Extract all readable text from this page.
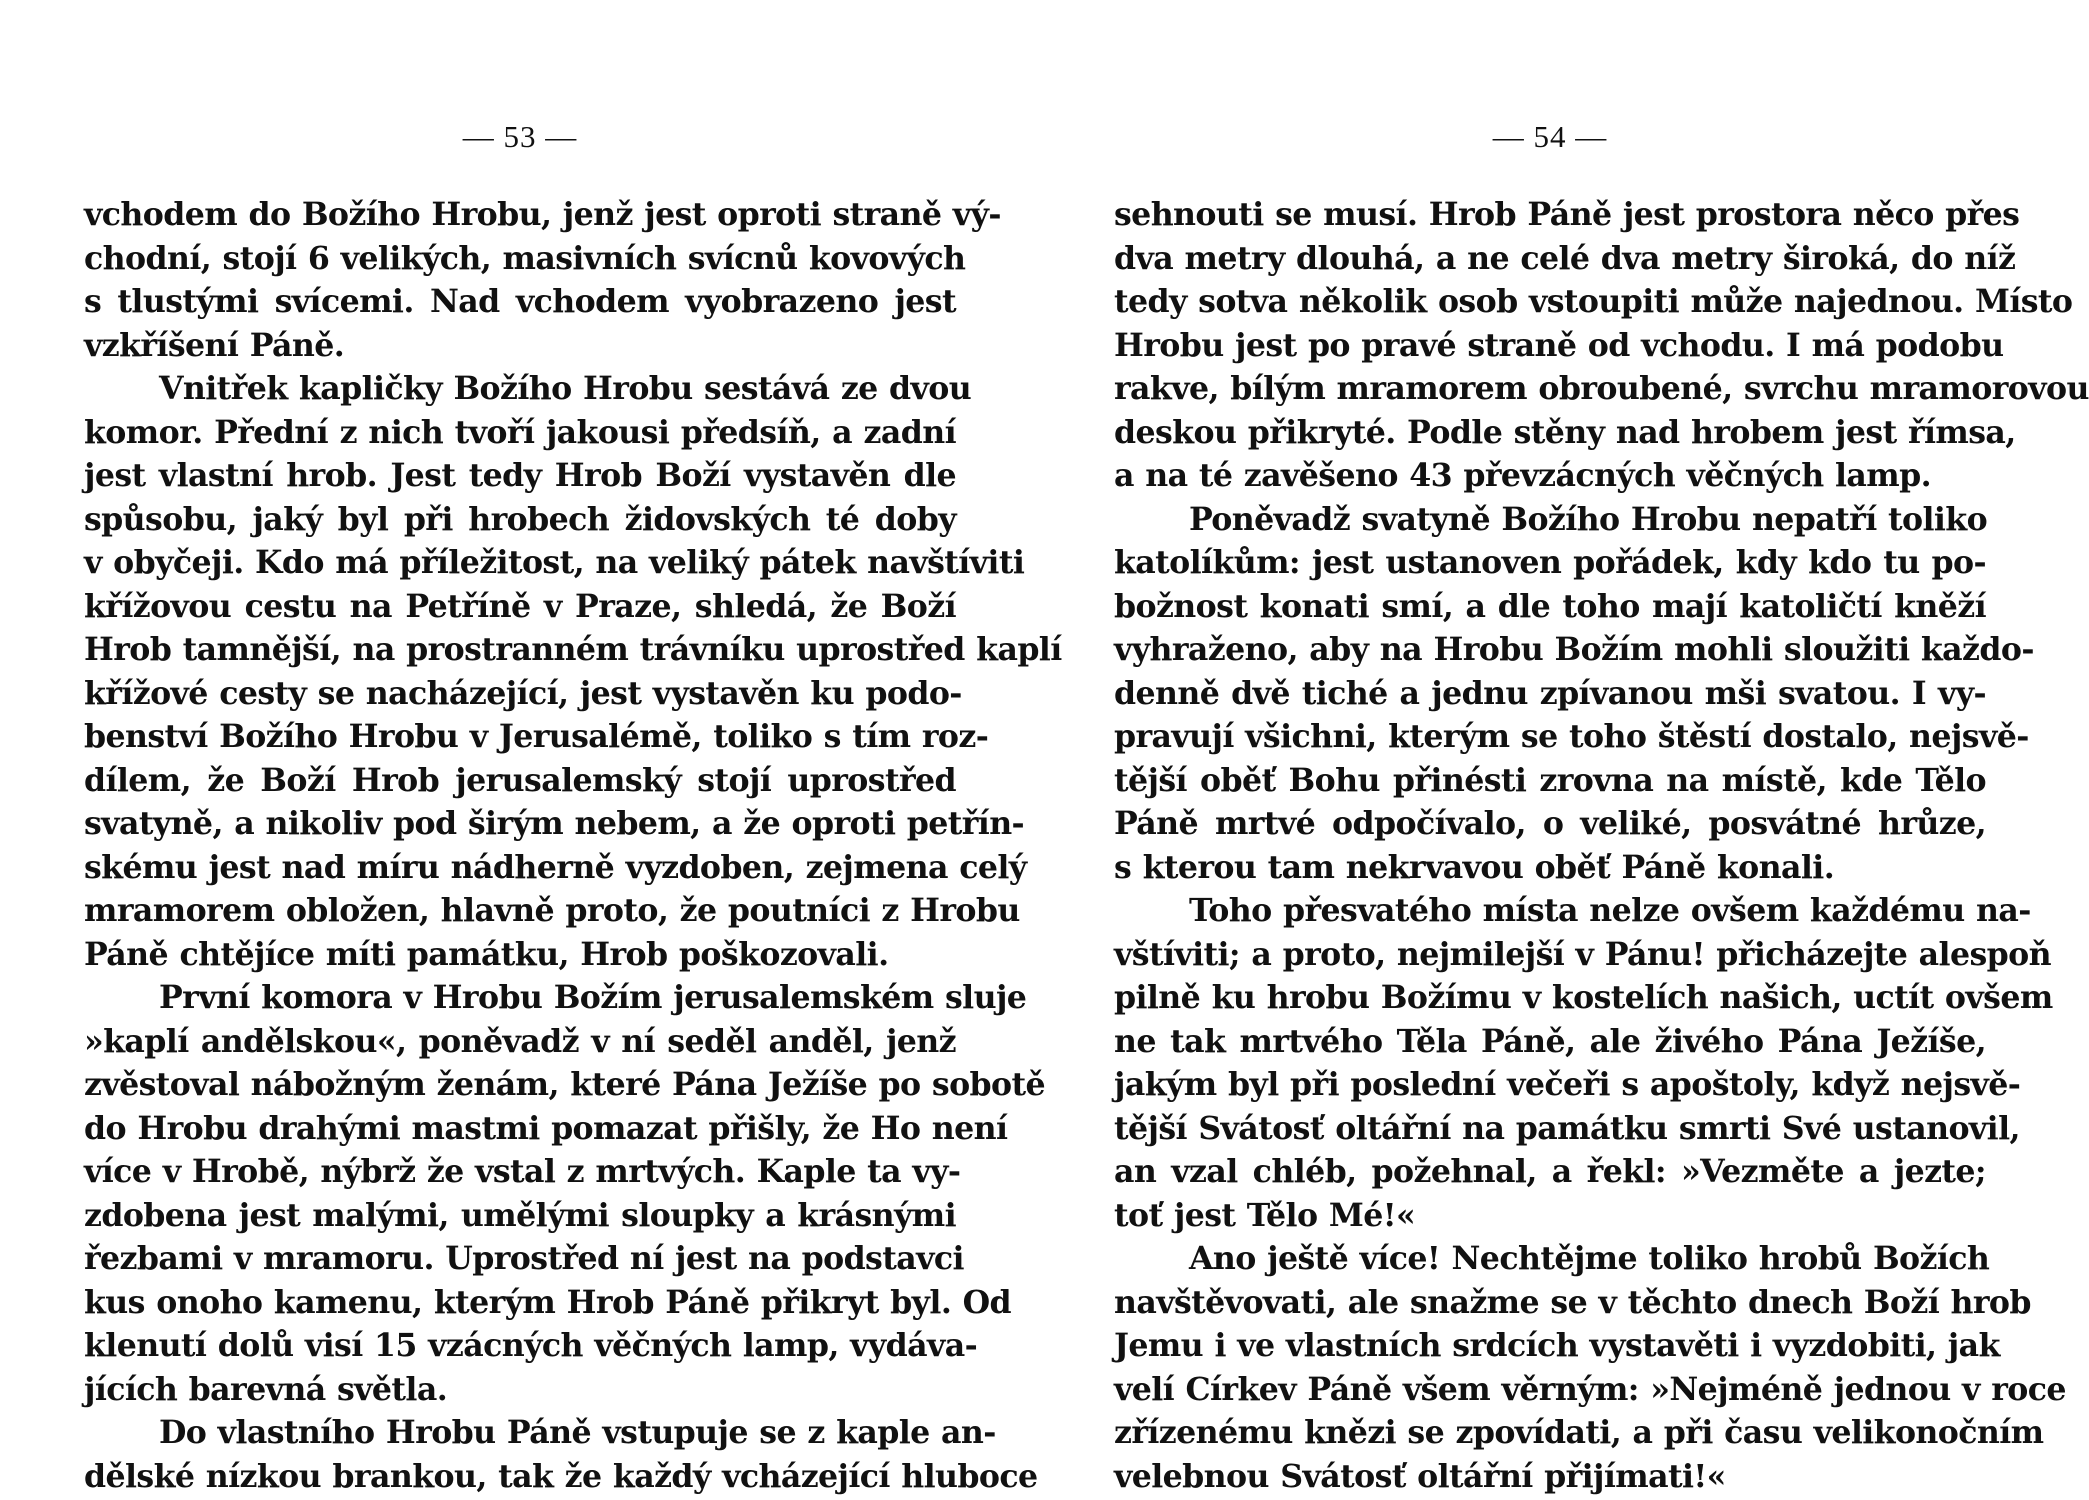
— 53 —
vchodem do Božího Hrobu, jenž jest oproti straně vý-
chodní, stojí 6 velikých, masivních svícnů kovových
s tlustými svícemi. Nad vchodem vyobrazeno jest
vzkříšení Páně.
Vnitřek kapličky Božího Hrobu sestává ze dvou
komor. Přední z nich tvoří jakousi předsíň, a zadní
jest vlastní hrob. Jest tedy Hrob Boží vystavěn dle
spůsobu, jaký byl při hrobech židovských té doby
v obyčeji. Kdo má příležitost, na veliký pátek navštíviti
křížovou cestu na Petříně v Praze, shledá, že Boží
Hrob tamnější, na prostranném trávníku uprostřed kaplí
křížové cesty se nacházející, jest vystavěn ku podo-
benství Božího Hrobu v Jerusalémě, toliko s tím roz-
dílem, že Boží Hrob jerusalemský stojí uprostřed
svatyně, a nikoliv pod širým nebem, a že oproti petřín-
skému jest nad míru nádherně vyzdoben, zejmena celý
mramorem obložen, hlavně proto, že poutníci z Hrobu
Páně chtějíce míti památku, Hrob poškozovali.
První komora v Hrobu Božím jerusalemském sluje
»kaplí andělskou«, poněvadž v ní seděl anděl, jenž
zvěstoval nábožným ženám, které Pána Ježíše po sobotě
do Hrobu drahými mastmi pomazat přišly, že Ho není
více v Hrobě, nýbrž že vstal z mrtvých. Kaple ta vy-
zdobena jest malými, umělými sloupky a krásnými
řezbami v mramoru. Uprostřed ní jest na podstavci
kus onoho kamenu, kterým Hrob Páně přikryt byl. Od
klenutí dolů visí 15 vzácných věčných lamp, vydáva-
jících barevná světla.
Do vlastního Hrobu Páně vstupuje se z kaple an-
dělské nízkou brankou, tak že každý vcházející hluboce
— 54 —
sehnouti se musí. Hrob Páně jest prostora něco přes
dva metry dlouhá, a ne celé dva metry široká, do níž
tedy sotva několik osob vstoupiti může najednou. Místo
Hrobu jest po pravé straně od vchodu. I má podobu
rakve, bílým mramorem obroubené, svrchu mramorovou
deskou přikryté. Podle stěny nad hrobem jest římsa,
a na té zavěšeno 43 převzácných věčných lamp.
Poněvadž svatyně Božího Hrobu nepatří toliko
katolíkům: jest ustanoven pořádek, kdy kdo tu po-
božnost konati smí, a dle toho mají katoličtí kněží
vyhraženo, aby na Hrobu Božím mohli sloužiti každo-
denně dvě tiché a jednu zpívanou mši svatou. I vy-
pravují všichni, kterým se toho štěstí dostalo, nejsvě-
tější oběť Bohu přinésti zrovna na místě, kde Tělo
Páně mrtvé odpočívalo, o veliké, posvátné hrůze,
s kterou tam nekrvavou oběť Páně konali.
Toho přesvatého místa nelze ovšem každému na-
vštíviti; a proto, nejmilejší v Pánu! přicházejte alespoň
pilně ku hrobu Božímu v kostelích našich, uctít ovšem
ne tak mrtvého Těla Páně, ale živého Pána Ježíše,
jakým byl při poslední večeři s apoštoly, když nejsvě-
tější Svátosť oltářní na památku smrti Své ustanovil,
an vzal chléb, požehnal, a řekl: »Vezměte a jezte;
toť jest Tělo Mé!«
Ano ještě více! Nechtějme toliko hrobů Božích
navštěvovati, ale snažme se v těchto dnech Boží hrob
Jemu i ve vlastních srdcích vystavěti i vyzdobiti, jak
velí Církev Páně všem věrným: »Nejméně jednou v roce
zřízenému knězi se zpovídati, a při času velikonočním
velebnou Svátosť oltářní přijímati!«
